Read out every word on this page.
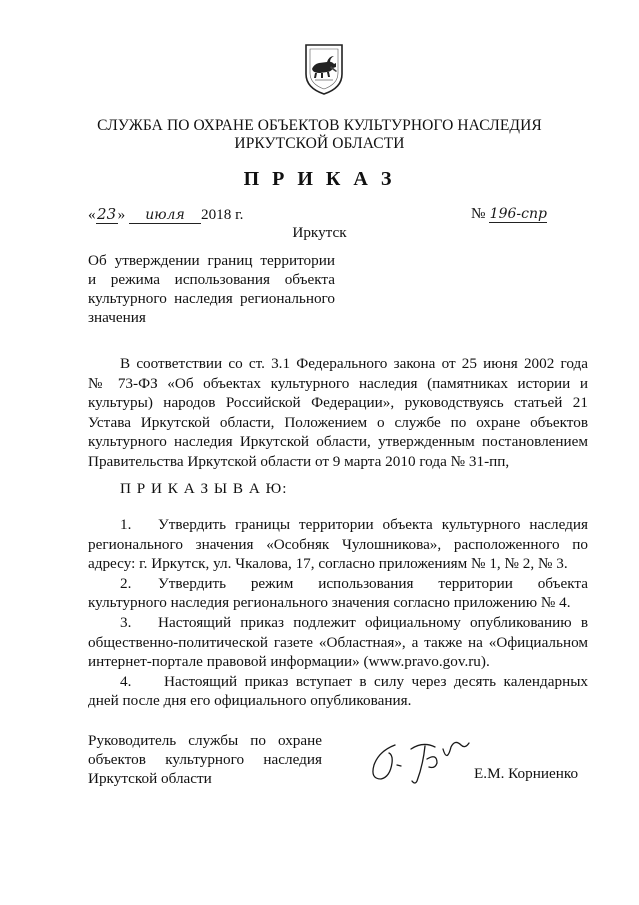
СЛУЖБА ПО ОХРАНЕ ОБЪЕКТОВ КУЛЬТУРНОГО НАСЛЕДИЯ
ИРКУТСКОЙ ОБЛАСТИ
П Р И К А З
«23» июля 2018 г.	№ 196-спр
Иркутск
Об утверждении границ территории
и режима использования объекта
культурного наследия регионального
значения
В соответствии со ст. 3.1 Федерального закона от 25 июня 2002 года
№ 73-ФЗ «Об объектах культурного наследия (памятниках истории и
культуры) народов Российской Федерации», руководствуясь статьей 21
Устава Иркутской области, Положением о службе по охране объектов
культурного наследия Иркутской области, утвержденным постановлением
Правительства Иркутской области от 9 марта 2010 года № 31-пп,
П Р И К А З Ы В А Ю:
1.	Утвердить границы территории объекта культурного наследия
регионального значения «Особняк Чулошникова», расположенного по
адресу: г. Иркутск, ул. Чкалова, 17, согласно приложениям № 1, № 2, № 3.
2.	Утвердить режим использования территории объекта
культурного наследия регионального значения согласно приложению № 4.
3.	Настоящий приказ подлежит официальному опубликованию в
общественно-политической газете «Областная», а также на «Официальном
интернет-портале правовой информации» (www.pravo.gov.ru).
4.	Настоящий приказ вступает в силу через десять календарных
дней после дня его официального опубликования.
Руководитель службы по охране
объектов культурного наследия
Иркутской области	Е.М. Корниенко
